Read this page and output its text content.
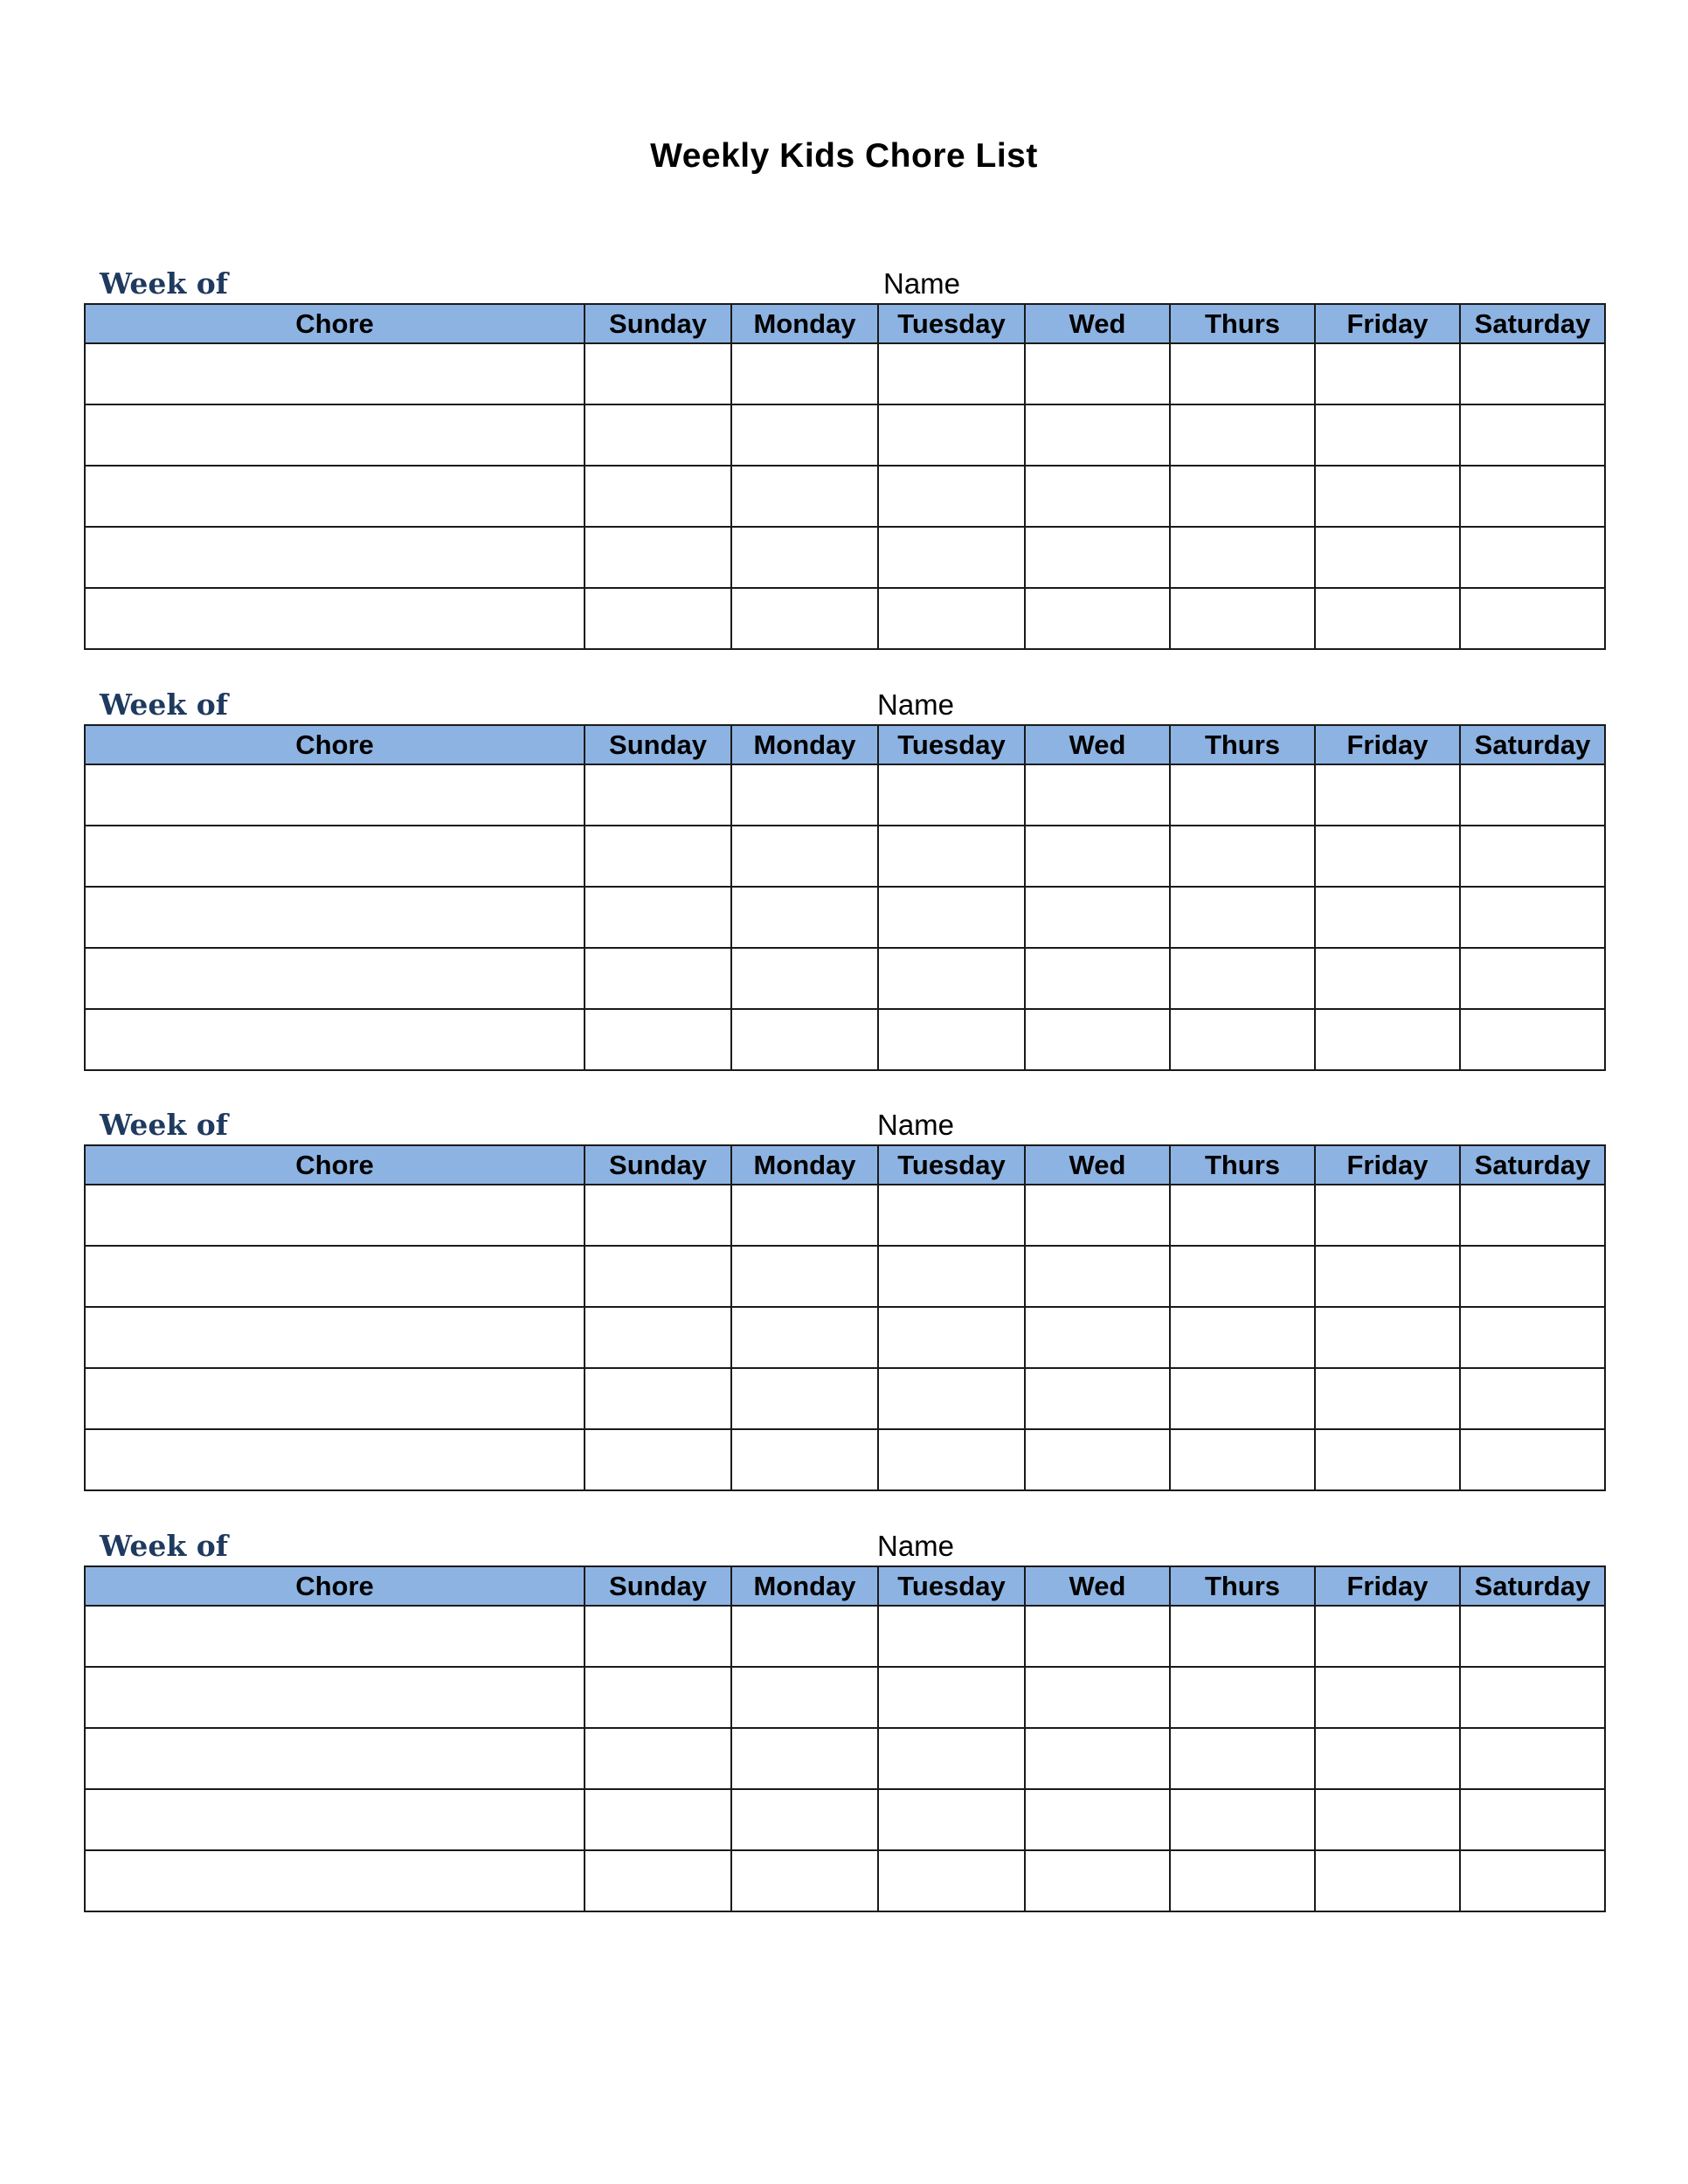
Weekly Kids Chore List
Week of	Name
Chore	Sunday	Monday	Tuesday	Wed	Thurs	Friday	Saturday

Week of	Name
Chore	Sunday	Monday	Tuesday	Wed	Thurs	Friday	Saturday

Week of	Name
Chore	Sunday	Monday	Tuesday	Wed	Thurs	Friday	Saturday

Week of	Name
Chore	Sunday	Monday	Tuesday	Wed	Thurs	Friday	Saturday
